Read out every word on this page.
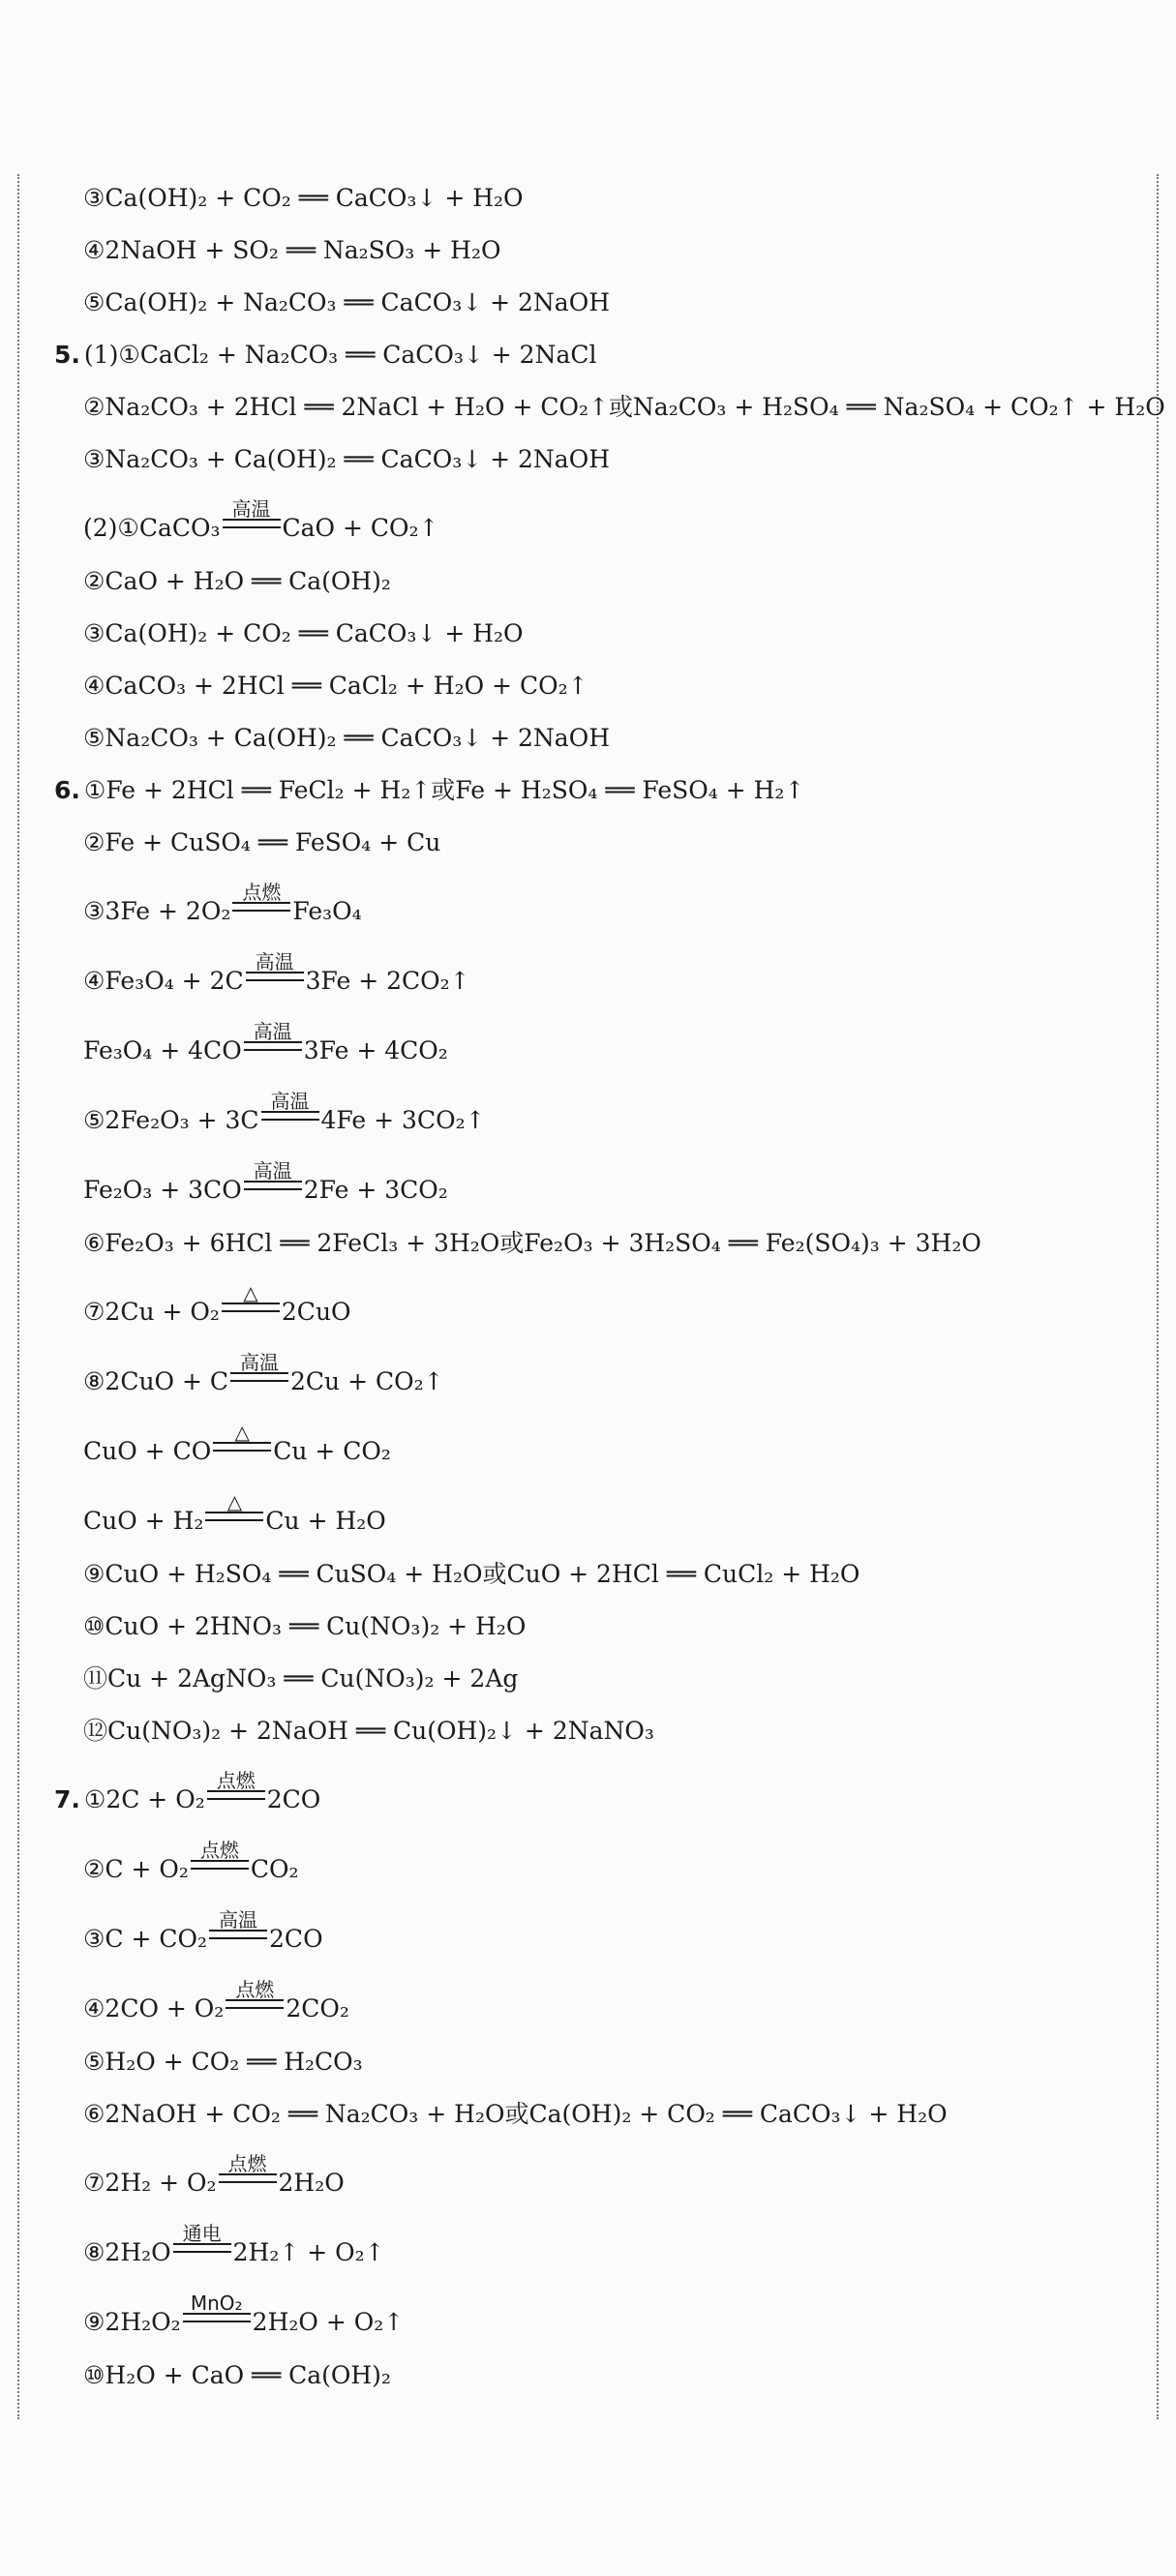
③Ca(OH)₂ + CO₂ ══ CaCO₃↓ + H₂O
④2NaOH + SO₂ ══ Na₂SO₃ + H₂O
⑤Ca(OH)₂ + Na₂CO₃ ══ CaCO₃↓ + 2NaOH
5. (1)①CaCl₂ + Na₂CO₃ ══ CaCO₃↓ + 2NaCl
②Na₂CO₃ + 2HCl ══ 2NaCl + H₂O + CO₂↑或Na₂CO₃ + H₂SO₄ ══ Na₂SO₄ + CO₂↑ + H₂O
③Na₂CO₃ + Ca(OH)₂ ══ CaCO₃↓ + 2NaOH
(2)①CaCO₃
高温
CaO + CO₂↑
②CaO + H₂O ══ Ca(OH)₂
③Ca(OH)₂ + CO₂ ══ CaCO₃↓ + H₂O
④CaCO₃ + 2HCl ══ CaCl₂ + H₂O + CO₂↑
⑤Na₂CO₃ + Ca(OH)₂ ══ CaCO₃↓ + 2NaOH
6. ①Fe + 2HCl ══ FeCl₂ + H₂↑或Fe + H₂SO₄ ══ FeSO₄ + H₂↑
②Fe + CuSO₄ ══ FeSO₄ + Cu
③3Fe + 2O₂
点燃
Fe₃O₄
④Fe₃O₄ + 2C
高温
3Fe + 2CO₂↑
Fe₃O₄ + 4CO
高温
3Fe + 4CO₂
⑤2Fe₂O₃ + 3C
高温
4Fe + 3CO₂↑
Fe₂O₃ + 3CO
高温
2Fe + 3CO₂
⑥Fe₂O₃ + 6HCl ══ 2FeCl₃ + 3H₂O或Fe₂O₃ + 3H₂SO₄ ══ Fe₂(SO₄)₃ + 3H₂O
⑦2Cu + O₂
△
2CuO
⑧2CuO + C
高温
2Cu + CO₂↑
CuO + CO
△
Cu + CO₂
CuO + H₂
△
Cu + H₂O
⑨CuO + H₂SO₄ ══ CuSO₄ + H₂O或CuO + 2HCl ══ CuCl₂ + H₂O
⑩CuO + 2HNO₃ ══ Cu(NO₃)₂ + H₂O
⑪Cu + 2AgNO₃ ══ Cu(NO₃)₂ + 2Ag
⑫Cu(NO₃)₂ + 2NaOH ══ Cu(OH)₂↓ + 2NaNO₃
7. ①2C + O₂
点燃
2CO
②C + O₂
点燃
CO₂
③C + CO₂
高温
2CO
④2CO + O₂
点燃
2CO₂
⑤H₂O + CO₂ ══ H₂CO₃
⑥2NaOH + CO₂ ══ Na₂CO₃ + H₂O或Ca(OH)₂ + CO₂ ══ CaCO₃↓ + H₂O
⑦2H₂ + O₂
点燃
2H₂O
⑧2H₂O
通电
2H₂↑ + O₂↑
⑨2H₂O₂
MnO₂
2H₂O + O₂↑
⑩H₂O + CaO ══ Ca(OH)₂
